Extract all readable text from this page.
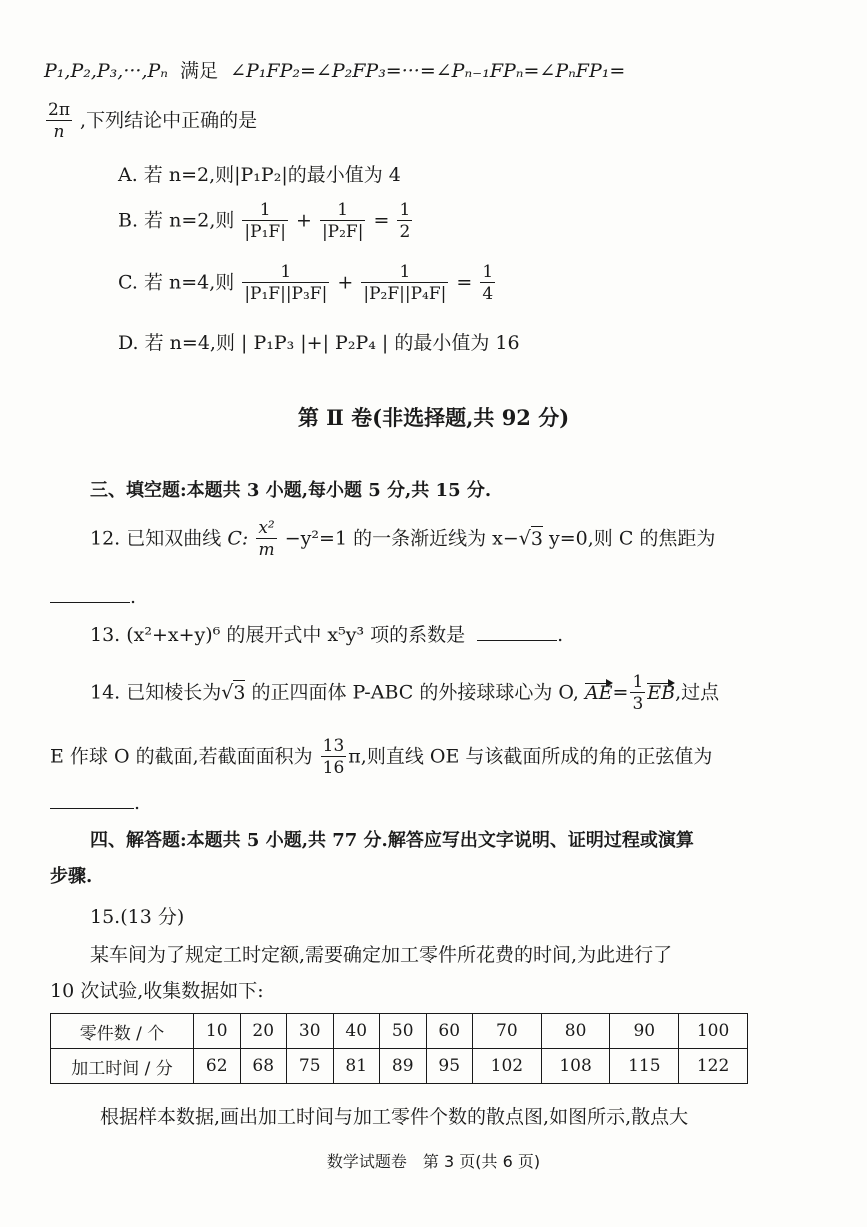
P₁,P₂,P₃,···,Pₙ 满足 ∠P₁FP₂=∠P₂FP₃=···=∠Pₙ₋₁FPₙ=∠PₙFP₁=
$\frac{2\pi}{n}$ ,下列结论中正确的是
A. 若 n=2,则|P₁P₂|的最小值为 4
B. 若 n=2,则 $\frac{1}{\text{|P₁F|}} + \frac{1}{\text{|P₂F|}} = \frac{1}{2}$
C. 若 n=4,则 $\frac{1}{\text{|P₁F||P₃F|}} + \frac{1}{\text{|P₂F||P₄F|}} = \frac{1}{4}$
D. 若 n=4,则 | P₁P₃ |+| P₂P₄ | 的最小值为 16
第 Ⅱ 卷(非选择题,共 92 分)
三、填空题:本题共 3 小题,每小题 5 分,共 15 分.
12. 已知双曲线 C: $\frac{\text{x²}}{m} -y^2=1$ 的一条渐近线为 x−√3 y=0,则 C 的焦距为
.
13. (x²+x+y)⁶ 的展开式中 x⁵y³ 项的系数是	.
14. 已知棱长为√3 的正四面体 P-ABC 的外接球球心为 O, $AE= \frac{1}{3}$ EB,过点
E 作球 O 的截面,若截面面积为 $\frac{13}{16} \pi$,则直线 OE 与该截面所成的角的正弦值为
.
四、解答题:本题共 5 小题,共 77 分.解答应写出文字说明、证明过程或演算
步骤.
15.(13 分)
某车间为了规定工时定额,需要确定加工零件所花费的时间,为此进行了
10 次试验,收集数据如下:
零件数 / 个	10	20	30	40	50	60	70	80	90	100
加工时间 / 分	62	68	75	81	89	95	102	108	115	122
根据样本数据,画出加工时间与加工零件个数的散点图,如图所示,散点大
数学试题卷　第 3 页(共 6 页)
